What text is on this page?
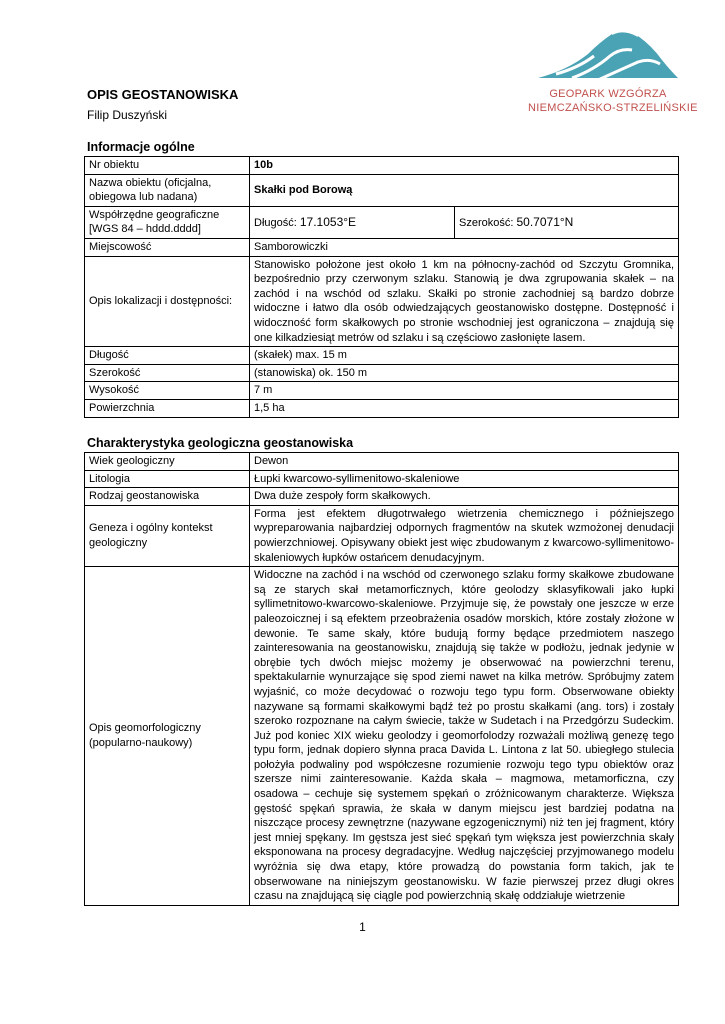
GEOPARK WZGÓRZA
NIEMCZAŃSKO-STRZELIŃSKIE
OPIS GEOSTANOWISKA
Filip Duszyński
Informacje ogólne
Nr obiektu	10b	
Nazwa obiektu (oficjalna, obiegowa lub nadana)	Skałki pod Borową	
Współrzędne geograficzne [WGS 84 – hddd.dddd]	Długość: 17.1053°E	Szerokość: 50.7071°N
Miejscowość	Samborowiczki	
Opis lokalizacji i dostępności:	Stanowisko położone jest około 1 km na północny-zachód od Szczytu Gromnika, bezpośrednio przy czerwonym szlaku. Stanowią je dwa zgrupowania skałek – na zachód i na wschód od szlaku. Skałki po stronie zachodniej są bardzo dobrze widoczne i łatwo dla osób odwiedzających geostanowisko dostępne. Dostępność i widoczność form skałkowych po stronie wschodniej jest ograniczona – znajdują się one kilkadziesiąt metrów od szlaku i są częściowo zasłonięte lasem.	
Długość	(skałek) max. 15 m	
Szerokość	(stanowiska) ok. 150 m	
Wysokość	7 m	
Powierzchnia	1,5 ha	
Charakterystyka geologiczna geostanowiska
Wiek geologiczny	Dewon
Litologia	Łupki kwarcowo-syllimenitowo-skaleniowe
Rodzaj geostanowiska	Dwa duże zespoły form skałkowych.
Geneza i ogólny kontekst geologiczny	Forma jest efektem długotrwałego wietrzenia chemicznego i późniejszego wypreparowania najbardziej odpornych fragmentów na skutek wzmożonej denudacji powierzchniowej. Opisywany obiekt jest więc zbudowanym z kwarcowo-syllimenitowo-skaleniowych łupków ostańcem denudacyjnym.
Opis geomorfologiczny (popularno-naukowy)	Widoczne na zachód i na wschód od czerwonego szlaku formy skałkowe zbudowane są ze starych skał metamorficznych, które geolodzy sklasyfikowali jako łupki syllimetnitowo-kwarcowo-skaleniowe. Przyjmuje się, że powstały one jeszcze w erze paleozoicznej i są efektem przeobrażenia osadów morskich, które zostały złożone w dewonie. Te same skały, które budują formy będące przedmiotem naszego zainteresowania na geostanowisku, znajdują się także w podłożu, jednak jedynie w obrębie tych dwóch miejsc możemy je obserwować na powierzchni terenu, spektakularnie wynurzające się spod ziemi nawet na kilka metrów. Spróbujmy zatem wyjaśnić, co może decydować o rozwoju tego typu form. Obserwowane obiekty nazywane są formami skałkowymi bądź też po prostu skałkami (ang. tors) i zostały szeroko rozpoznane na całym świecie, także w Sudetach i na Przedgórzu Sudeckim. Już pod koniec XIX wieku geolodzy i geomorfolodzy rozważali możliwą genezę tego typu form, jednak dopiero słynna praca Davida L. Lintona z lat 50. ubiegłego stulecia położyła podwaliny pod współczesne rozumienie rozwoju tego typu obiektów oraz szersze nimi zainteresowanie. Każda skała – magmowa, metamorficzna, czy osadowa – cechuje się systemem spękań o zróżnicowanym charakterze. Większa gęstość spękań sprawia, że skała w danym miejscu jest bardziej podatna na niszczące procesy zewnętrzne (nazywane egzogenicznymi) niż ten jej fragment, który jest mniej spękany. Im gęstsza jest sieć spękań tym większa jest powierzchnia skały eksponowana na procesy degradacyjne. Według najczęściej przyjmowanego modelu wyróżnia się dwa etapy, które prowadzą do powstania form takich, jak te obserwowane na niniejszym geostanowisku. W fazie pierwszej przez długi okres czasu na znajdującą się ciągle pod powierzchnią skałę oddziałuje wietrzenie
1
